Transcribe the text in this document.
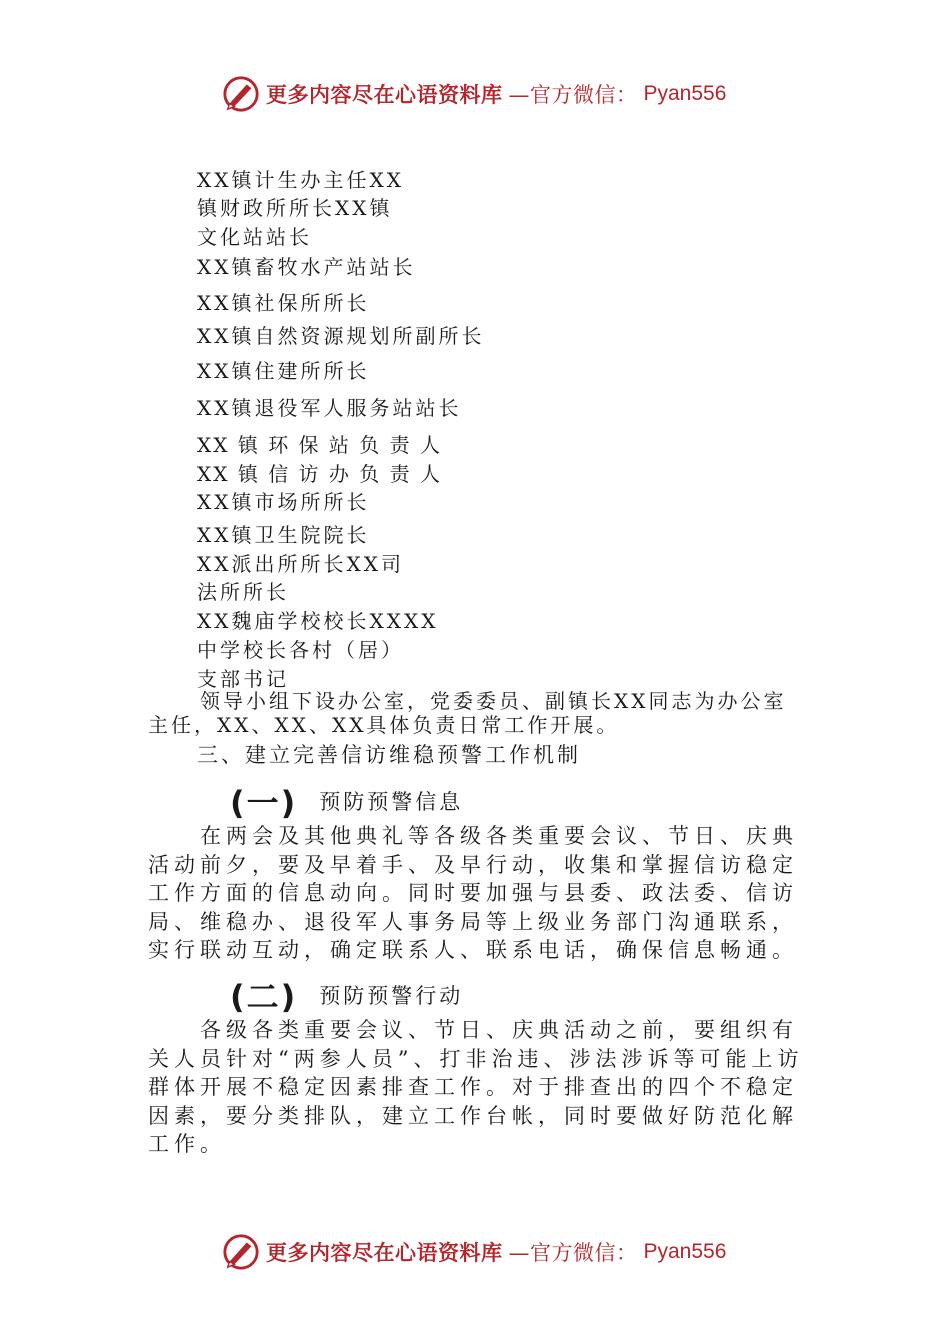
更多内容尽在心语资料库 —官方微信： Pyan556
XX镇计生办主任XX
镇财政所所长XX镇
文化站站长
XX镇畜牧水产站站长
XX镇社保所所长
XX镇自然资源规划所副所长
XX镇住建所所长
XX镇退役军人服务站站长
XX 镇 环 保 站 负 责 人
XX 镇 信 访 办 负 责 人
XX镇市场所所长
XX镇卫生院院长
XX派出所所长XX司
法所所长
XX魏庙学校校长XXXX
中学校长各村（居）
支部书记

领导小组下设办公室，党委委员、副镇长XX同志为办公室主任，XX、XX、XX具体负责日常工作开展。

三、建立完善信访维稳预警工作机制
(一) 预防预警信息

在两会及其他典礼等各级各类重要会议、节日、庆典活动前夕，要及早着手、及早行动，收集和掌握信访稳定工作方面的信息动向。同时要加强与县委、政法委、信访局、维稳办、退役军人事务局等上级业务部门沟通联系，实行联动互动，确定联系人、联系电话，确保信息畅通。

(二) 预防预警行动

各级各类重要会议、节日、庆典活动之前，要组织有关人员针对“两参人员”、打非治违、涉法涉诉等可能上访群体开展不稳定因素排查工作。对于排查出的四个不稳定因素，要分类排队，建立工作台帐，同时要做好防范化解工作。

更多内容尽在心语资料库 —官方微信： Pyan556
